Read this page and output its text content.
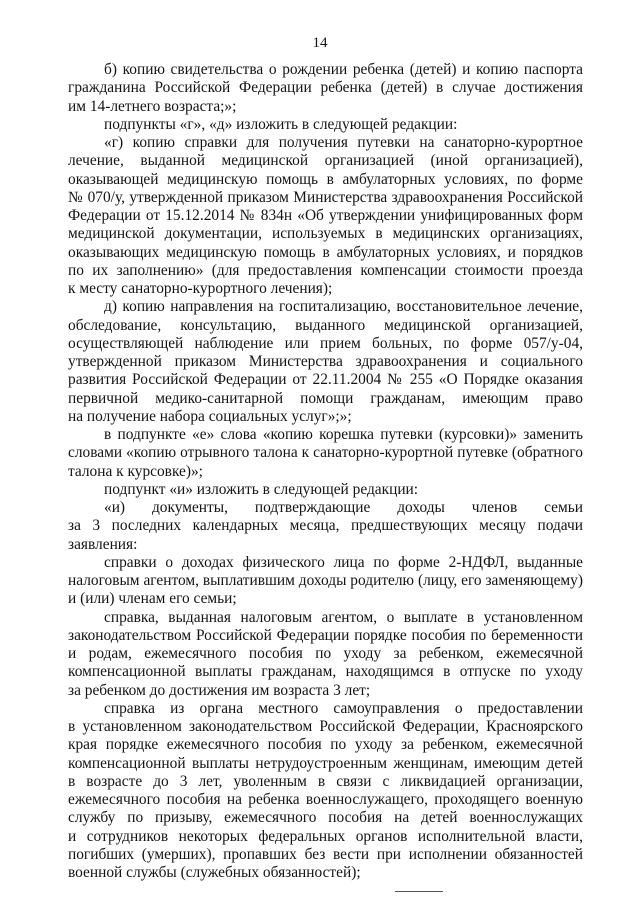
14
б) копию свидетельства о рождении ребенка (детей) и копию паспорта
гражданина Российской Федерации ребенка (детей) в случае достижения
им 14-летнего возраста;»;
подпункты «г», «д» изложить в следующей редакции:
«г) копию справки для получения путевки на санаторно-курортное
лечение, выданной медицинской организацией (иной организацией),
оказывающей медицинскую помощь в амбулаторных условиях, по форме
№ 070/у, утвержденной приказом Министерства здравоохранения Российской
Федерации от 15.12.2014 № 834н «Об утверждении унифицированных форм
медицинской документации, используемых в медицинских организациях,
оказывающих медицинскую помощь в амбулаторных условиях, и порядков
по их заполнению» (для предоставления компенсации стоимости проезда
к месту санаторно-курортного лечения);
д) копию направления на госпитализацию, восстановительное лечение,
обследование, консультацию, выданного медицинской организацией,
осуществляющей наблюдение или прием больных, по форме 057/у-04,
утвержденной приказом Министерства здравоохранения и социального
развития Российской Федерации от 22.11.2004 № 255 «О Порядке оказания
первичной медико-санитарной помощи гражданам, имеющим право
на получение набора социальных услуг»;»;
в подпункте «е» слова «копию корешка путевки (курсовки)» заменить
словами «копию отрывного талона к санаторно-курортной путевке (обратного
талона к курсовке)»;
подпункт «и» изложить в следующей редакции:
«и) документы, подтверждающие доходы членов семьи
за 3 последних календарных месяца, предшествующих месяцу подачи
заявления:
справки о доходах физического лица по форме 2-НДФЛ, выданные
налоговым агентом, выплатившим доходы родителю (лицу, его заменяющему)
и (или) членам его семьи;
справка, выданная налоговым агентом, о выплате в установленном
законодательством Российской Федерации порядке пособия по беременности
и родам, ежемесячного пособия по уходу за ребенком, ежемесячной
компенсационной выплаты гражданам, находящимся в отпуске по уходу
за ребенком до достижения им возраста 3 лет;
справка из органа местного самоуправления о предоставлении
в установленном законодательством Российской Федерации, Красноярского
края порядке ежемесячного пособия по уходу за ребенком, ежемесячной
компенсационной выплаты нетрудоустроенным женщинам, имеющим детей
в возрасте до 3 лет, уволенным в связи с ликвидацией организации,
ежемесячного пособия на ребенка военнослужащего, проходящего военную
службу по призыву, ежемесячного пособия на детей военнослужащих
и сотрудников некоторых федеральных органов исполнительной власти,
погибших (умерших), пропавших без вести при исполнении обязанностей
военной службы (служебных обязанностей);
